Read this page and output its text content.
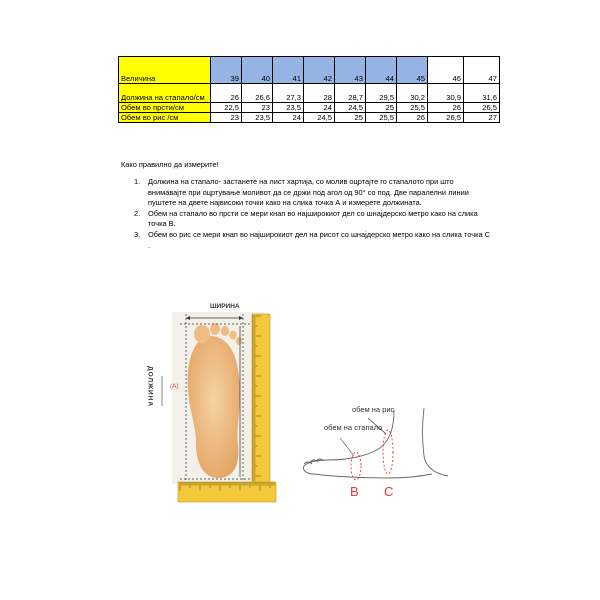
Величина	39	40	41	42	43	44	45	46	47
Должина на стапало/см	26	26,6	27,3	28	28,7	29,5	30,2	30,9	31,6
Обем во прсти/см	22,5	23	23,5	24	24,5	25	25,5	26	26,5
Обем во рис /см	23	23,5	24	24,5	25	25,5	26	26,5	27
Како правилно да измерите!
1. Должина на стапало- застанете на лист хартија, со молив оцртајте го стапалото при што внимавајте при оцртување моливот да се држи под агол од 90° со под. Две паралелни линии пуштете на двете највисоки точки како на слика точка А и измерете должината.
2. Обем на стапало во прсти се мери кнап во најширокиот дел со шнајдерско метро како на слика точка В.
3. Обем во рис се мери кнап во најширокиот дел на рисот со шнајдерско метро како на слика точка С .
ШИРИНА
ДОЛЖИНА	(A)
обем на рис
обем на стапало
B C
